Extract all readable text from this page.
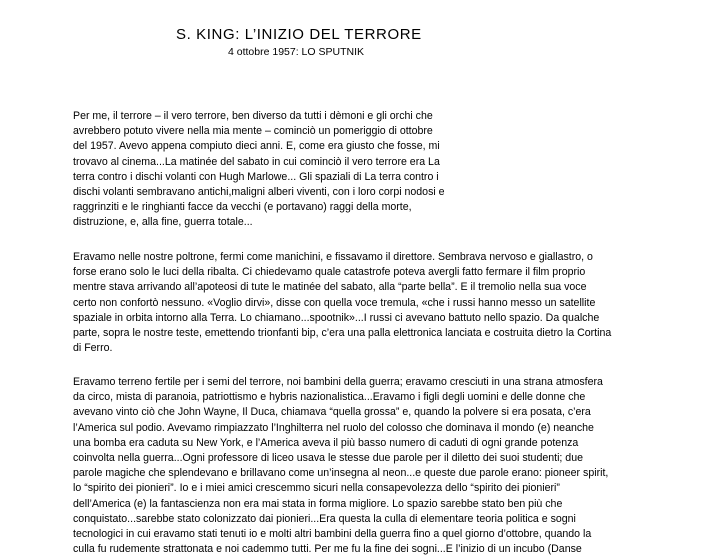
S. KING: L’INIZIO DEL TERRORE
4 ottobre 1957: LO SPUTNIK
Per me, il terrore – il vero terrore, ben diverso da tutti i dèmoni e gli orchi che
avrebbero potuto vivere nella mia mente – cominciò un pomeriggio di ottobre
del 1957. Avevo appena compiuto dieci anni. E, come era giusto che fosse, mi
trovavo al cinema...La matinée del sabato in cui cominciò il vero terrore era La
terra contro i dischi volanti con Hugh Marlowe... Gli spaziali di La terra contro i
dischi volanti sembravano antichi,maligni alberi viventi, con i loro corpi nodosi e
raggrinziti e le ringhianti facce da vecchi (e portavano) raggi della morte,
distruzione, e, alla fine, guerra totale...
Eravamo nelle nostre poltrone, fermi come manichini, e fissavamo il direttore. Sembrava nervoso e giallastro, o
forse erano solo le luci della ribalta. Ci chiedevamo quale catastrofe poteva avergli fatto fermare il film proprio
mentre stava arrivando all’apoteosi di tute le matinée del sabato, alla “parte bella”. E il tremolio nella sua voce
certo non confortò nessuno. «Voglio dirvi», disse con quella voce tremula, «che i russi hanno messo un satellite
spaziale in orbita intorno alla Terra. Lo chiamano...spootnik»...I russi ci avevano battuto nello spazio. Da qualche
parte, sopra le nostre teste, emettendo trionfanti bip, c’era una palla elettronica lanciata e costruita dietro la Cortina
di Ferro.
Eravamo terreno fertile per i semi del terrore, noi bambini della guerra; eravamo cresciuti in una strana atmosfera
da circo, mista di paranoia, patriottismo e hybris nazionalistica...Eravamo i figli degli uomini e delle donne che
avevano vinto ciò che John Wayne, Il Duca, chiamava “quella grossa” e, quando la polvere si era posata, c’era
l’America sul podio. Avevamo rimpiazzato l’Inghilterra nel ruolo del colosso che dominava il mondo (e) neanche
una bomba era caduta su New York, e l’America aveva il più basso numero di caduti di ogni grande potenza
coinvolta nella guerra...Ogni professore di liceo usava le stesse due parole per il diletto dei suoi studenti; due
parole magiche che splendevano e brillavano come un’insegna al neon...e queste due parole erano: pioneer spirit,
lo “spirito dei pionieri”. Io e i miei amici crescemmo sicuri nella consapevolezza dello “spirito dei pionieri”
dell’America (e) la fantascienza non era mai stata in forma migliore. Lo spazio sarebbe stato ben più che
conquistato...sarebbe stato colonizzato dai pionieri...Era questa la culla di elementare teoria politica e sogni
tecnologici in cui eravamo stati tenuti io e molti altri bambini della guerra fino a quel giorno d’ottobre, quando la
culla fu rudemente strattonata e noi cademmo tutti. Per me fu la fine dei sogni...E l’inizio di un incubo (Danse
